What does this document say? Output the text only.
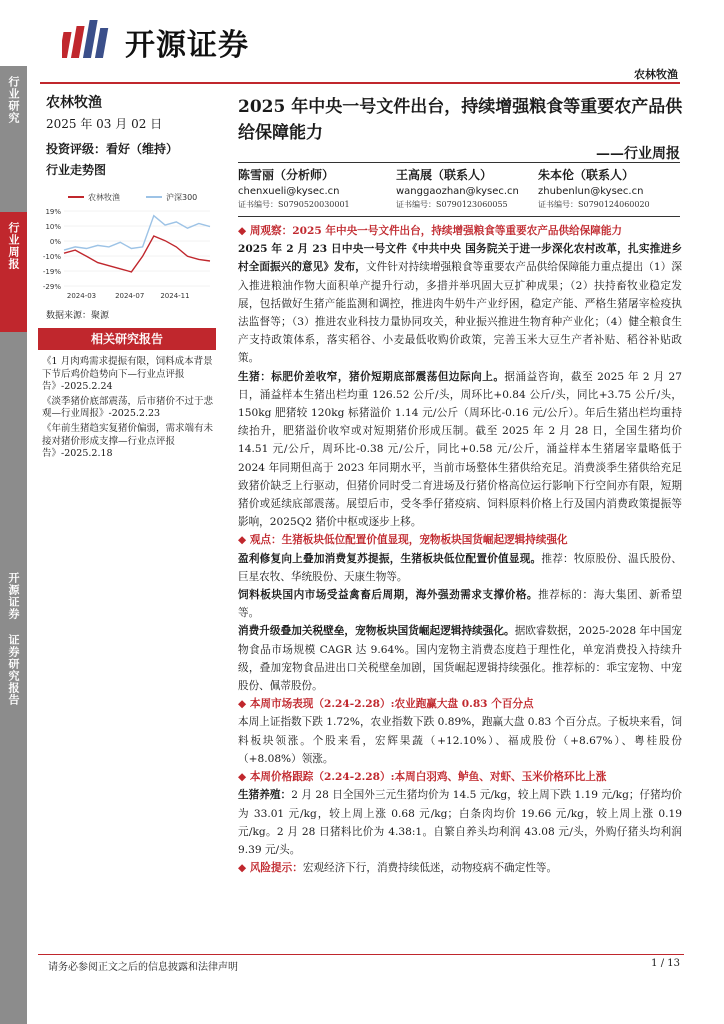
行业研究
行业周报
开源证券 证券研究报告
开源证券
农林牧渔
农林牧渔
2025 年 03 月 02 日
投资评级：看好（维持）
行业走势图
农林牧渔	沪深300
19%
10%
0%
-10%
-19%
-29%
2024-03	2024-07 2024-11
数据来源：聚源
相关研究报告
《1 月肉鸡需求提振有限，饲料成本背景下节后鸡价趋势向下—行业点评报告》-2025.2.24
《淡季猪价底部震荡，后市猪价不过于悲观—行业周报》-2025.2.23
《年前生猪趋实复猪价偏弱，需求端有未接对猪价形成支撑—行业点评报告》-2025.2.18
2025 年中央一号文件出台，持续增强粮食等重要农产品供给保障能力
——行业周报
陈雪丽（分析师）
chenxueli@kysec.cn
证书编号：S0790520030001
王高展（联系人）
wanggaozhan@kysec.cn
证书编号：S0790123060055
朱本伦（联系人）
zhubenlun@kysec.cn
证书编号：S0790124060020
◆ 周观察：2025 年中央一号文件出台，持续增强粮食等重要农产品供给保障能力
2025 年 2 月 23 日中央一号文件《中共中央 国务院关于进一步深化农村改革，扎实推进乡村全面振兴的意见》发布，文件针对持续增强粮食等重要农产品供给保障能力重点提出（1）深入推进粮油作物大面积单产提升行动，多措并举巩固大豆扩种成果；（2）扶持畜牧业稳定发展，包括做好生猪产能监测和调控，推进肉牛奶牛产业纾困，稳定产能、严格生猪屠宰检疫执法监督等；（3）推进农业科技力量协同攻关，种业振兴推进生物育种产业化；（4）健全粮食生产支持政策体系，落实稻谷、小麦最低收购价政策，完善玉米大豆生产者补贴、稻谷补贴政策。
生猪：标肥价差收窄，猪价短期底部震荡但边际向上。据涌益咨询，截至 2025 年 2 月 27 日，涌益样本生猪出栏均重 126.52 公斤/头，周环比+0.84 公斤/头，同比+3.75 公斤/头，150kg 肥猪较 120kg 标猪溢价 1.14 元/公斤（周环比-0.16 元/公斤）。年后生猪出栏均重持续抬升，肥猪溢价收窄或对短期猪价形成压制。截至 2025 年 2 月 28 日，全国生猪均价 14.51 元/公斤，周环比-0.38 元/公斤，同比+0.58 元/公斤，涌益样本生猪屠宰量略低于 2024 年同期但高于 2023 年同期水平，当前市场整体生猪供给充足。消费淡季生猪供给充足致猪价缺乏上行驱动，但猪价同时受二育进场及行猪价格高位运行影响下行空间亦有限，短期猪价或延续底部震荡。展望后市，受冬季仔猪疫病、饲料原料价格上行及国内消费政策提振等影响，2025Q2 猪价中枢或逐步上移。
◆ 观点：生猪板块低位配置价值显现，宠物板块国货崛起逻辑持续强化
盈利修复向上叠加消费复苏提振，生猪板块低位配置价值显现。推荐：牧原股份、温氏股份、巨星农牧、华统股份、天康生物等。
饲料板块国内市场受益禽畜后周期，海外强劲需求支撑价格。推荐标的：海大集团、新希望等。
消费升级叠加关税壁垒，宠物板块国货崛起逻辑持续强化。据欧睿数据，2025-2028 年中国宠物食品市场规模 CAGR 达 9.64%。国内宠物主消费态度趋于理性化，单宠消费投入持续升级，叠加宠物食品进出口关税壁垒加剧，国货崛起逻辑持续强化。推荐标的：乖宝宠物、中宠股份、佩蒂股份。
◆ 本周市场表现（2.24-2.28）:农业跑赢大盘 0.83 个百分点
本周上证指数下跌 1.72%，农业指数下跌 0.89%，跑赢大盘 0.83 个百分点。子板块来看，饲料板块领涨。个股来看，宏辉果蔬（+12.10%）、福成股份（+8.67%）、粤桂股份（+8.08%）领涨。
◆ 本周价格跟踪（2.24-2.28）:本周白羽鸡、鲈鱼、对虾、玉米价格环比上涨
生猪养殖：2 月 28 日全国外三元生猪均价为 14.5 元/kg，较上周下跌 1.19 元/kg；仔猪均价为 33.01 元/kg，较上周上涨 0.68 元/kg；白条肉均价 19.66 元/kg，较上周上涨 0.19 元/kg。2 月 28 日猪料比价为 4.38:1。自繁自养头均利润 43.08 元/头，外购仔猪头均利润 9.39 元/头。
◆ 风险提示：宏观经济下行，消费持续低迷，动物疫病不确定性等。
请务必参阅正文之后的信息披露和法律声明	1 / 13
